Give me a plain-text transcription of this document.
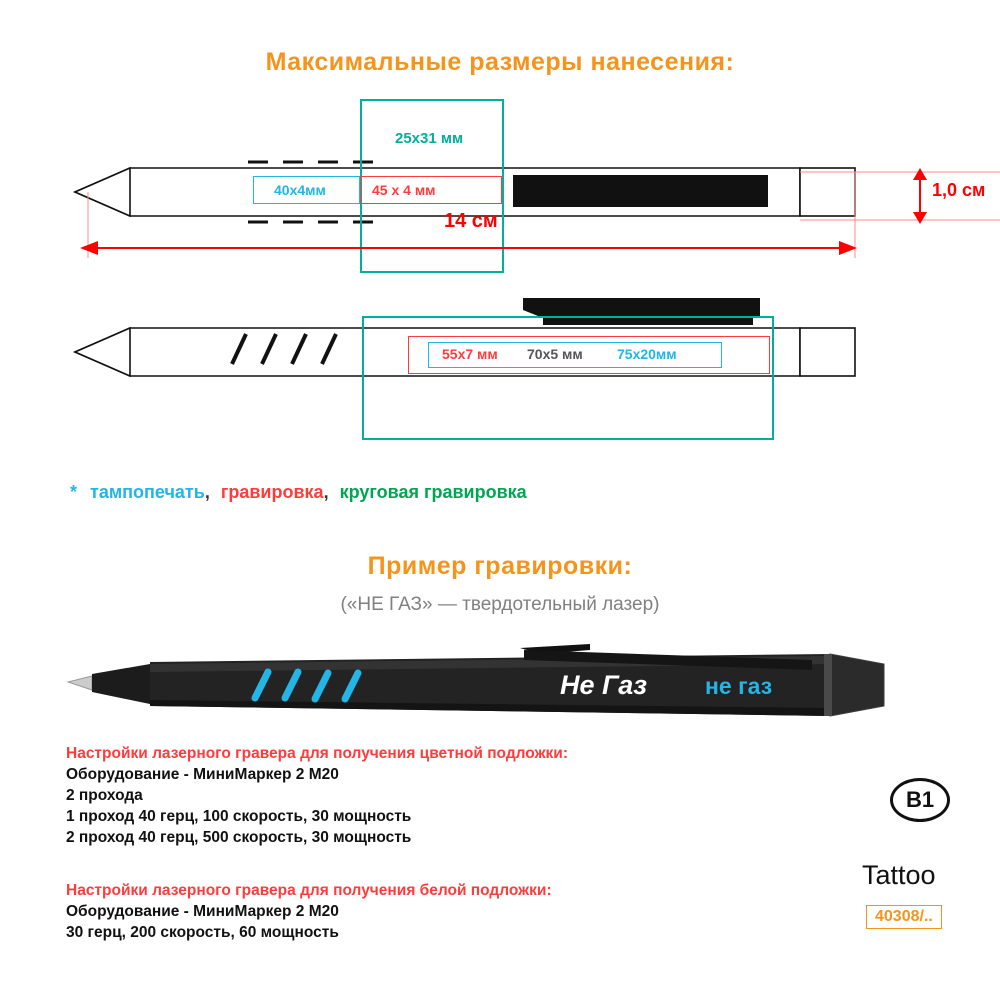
Максимальные размеры нанесения:
25x31 мм
40x4мм	45 x 4 мм
14 см
1,0 см
55x7 мм 70x5 мм 75x20мм
* тампопечать, гравировка, круговая гравировка
Пример гравировки:
(«НЕ ГАЗ» — твердотельный лазер)
Не Газ	не газ
Настройки лазерного гравера для получения цветной подложки:
Оборудование - МиниМаркер 2 M20
2 прохода
1 проход 40 герц, 100 скорость, 30 мощность
2 проход 40 герц, 500 скорость, 30 мощность
Настройки лазерного гравера для получения белой подложки:
Оборудование - МиниМаркер 2 M20
30 герц, 200 скорость, 60 мощность
B1
Tattoo
40308/..
